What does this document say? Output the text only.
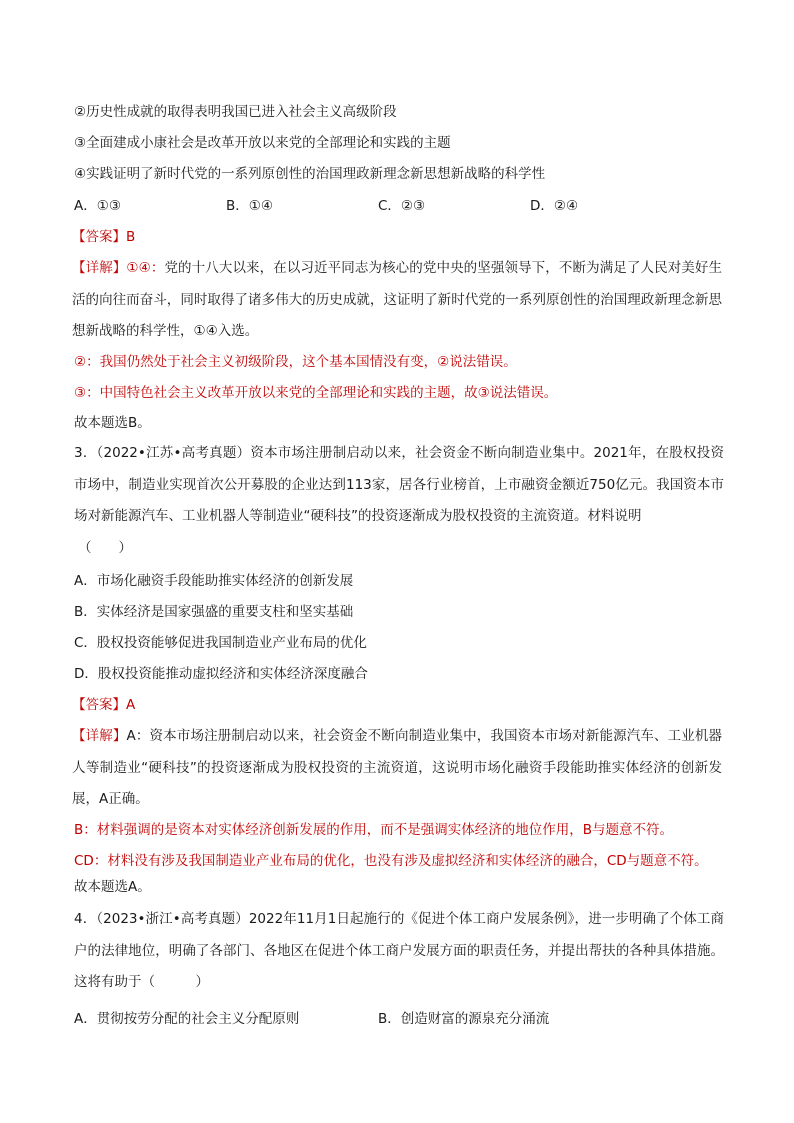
②历史性成就的取得表明我国已进入社会主义高级阶段
③全面建成小康社会是改革开放以来党的全部理论和实践的主题
④实践证明了新时代党的一系列原创性的治国理政新理念新思想新战略的科学性
A．①③	B．①④	C．②③	D．②④
【答案】B
【详解】①④：党的十八大以来，在以习近平同志为核心的党中央的坚强领导下，不断为满足了人民对美好生活的向往而奋斗，同时取得了诸多伟大的历史成就，这证明了新时代党的一系列原创性的治国理政新理念新思想新战略的科学性，①④入选。
②：我国仍然处于社会主义初级阶段，这个基本国情没有变，②说法错误。
③：中国特色社会主义改革开放以来党的全部理论和实践的主题，故③说法错误。
故本题选B。
3．（2022•江苏•高考真题）资本市场注册制启动以来，社会资金不断向制造业集中。2021年，在股权投资市场中，制造业实现首次公开募股的企业达到113家，居各行业榜首，上市融资金额近750亿元。我国资本市场对新能源汽车、工业机器人等制造业“硬科技”的投资逐渐成为股权投资的主流资道。材料说明
（　　）
A．市场化融资手段能助推实体经济的创新发展
B．实体经济是国家强盛的重要支柱和坚实基础
C．股权投资能够促进我国制造业产业布局的优化
D．股权投资能推动虚拟经济和实体经济深度融合
【答案】A
【详解】A：资本市场注册制启动以来，社会资金不断向制造业集中，我国资本市场对新能源汽车、工业机器人等制造业“硬科技”的投资逐渐成为股权投资的主流资道，这说明市场化融资手段能助推实体经济的创新发展，A正确。
B：材料强调的是资本对实体经济创新发展的作用，而不是强调实体经济的地位作用，B与题意不符。
CD：材料没有涉及我国制造业产业布局的优化，也没有涉及虚拟经济和实体经济的融合，CD与题意不符。
故本题选A。
4．（2023•浙江•高考真题）2022年11月1日起施行的《促进个体工商户发展条例》，进一步明确了个体工商户的法律地位，明确了各部门、各地区在促进个体工商户发展方面的职责任务，并提出帮扶的各种具体措施。这将有助于（　　　）
A．贯彻按劳分配的社会主义分配原则	B．创造财富的源泉充分涌流
